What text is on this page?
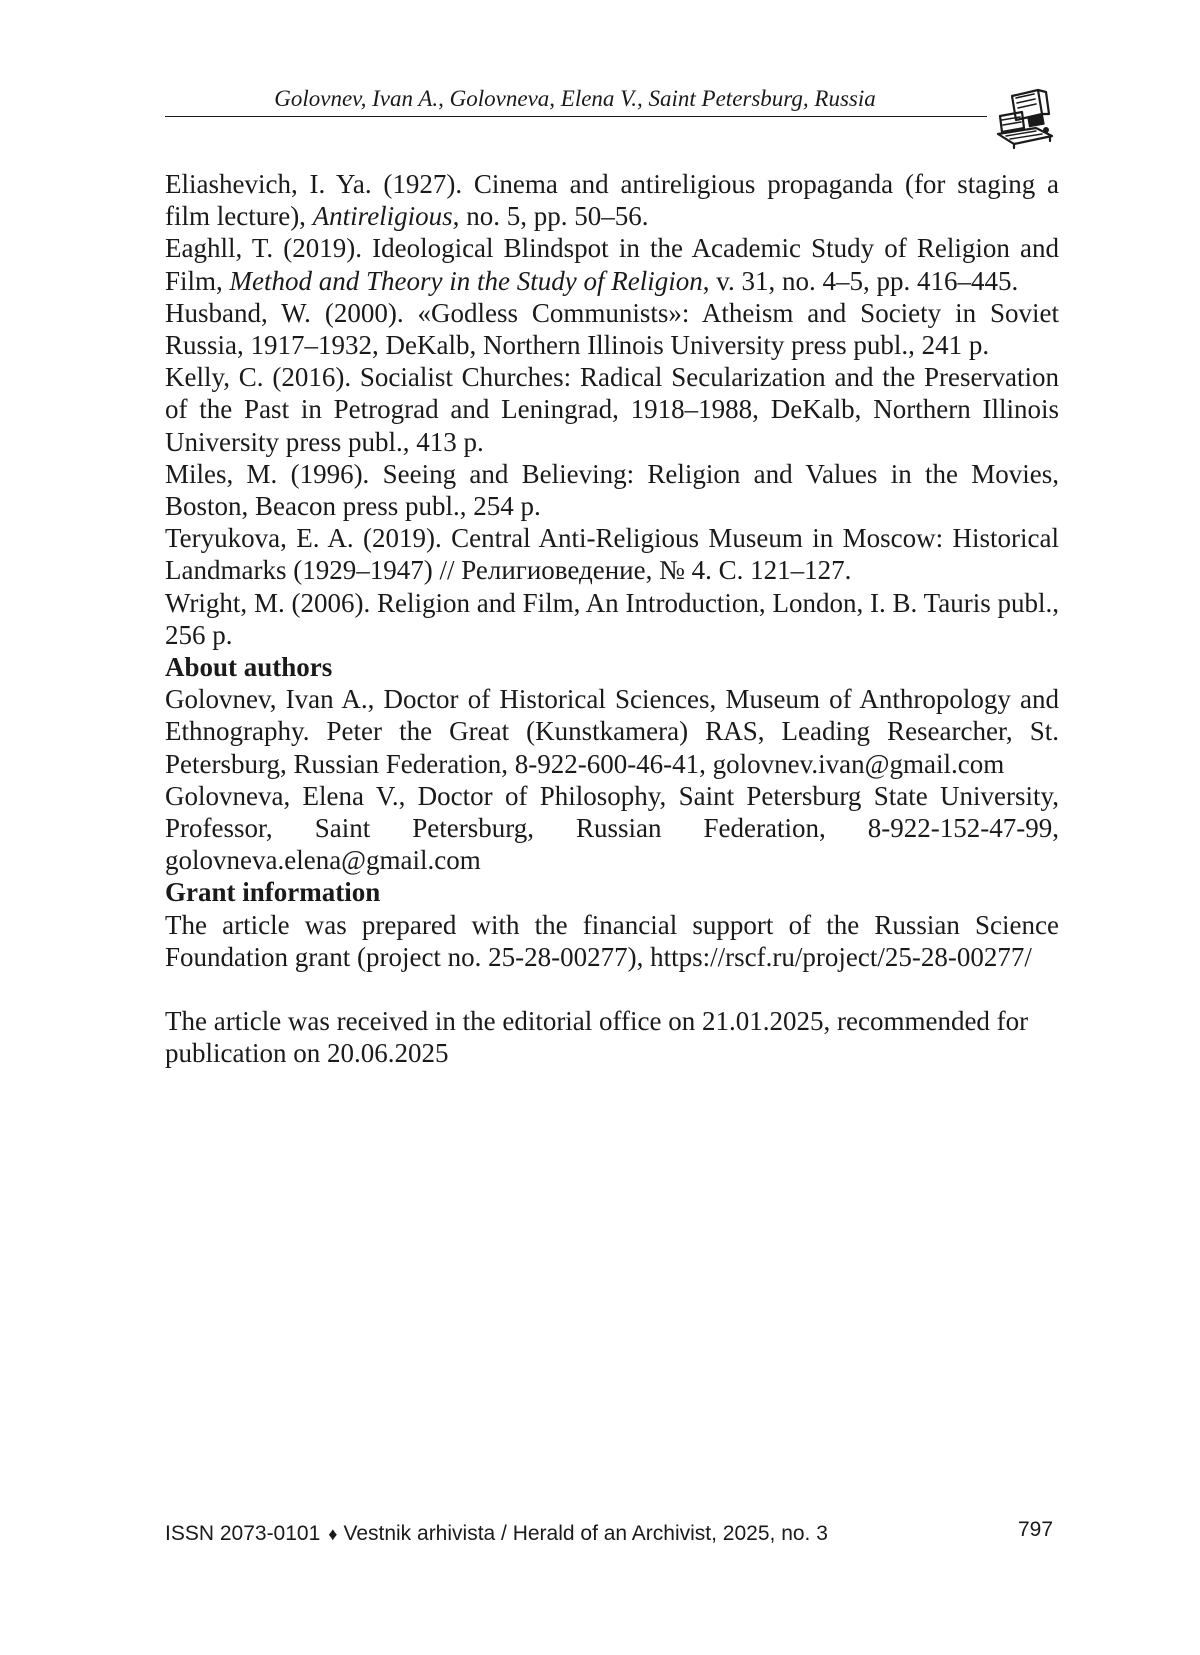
Golovnev, Ivan A., Golovneva, Elena V., Saint Petersburg, Russia

Eliashevich, I. Ya. (1927). Cinema and antireligious propaganda (for staging a film lecture), Antireligious, no. 5, pp. 50–56.

Eaghll, T. (2019). Ideological Blindspot in the Academic Study of Religion and Film, Method and Theory in the Study of Religion, v. 31, no. 4–5, pp. 416–445.

Husband, W. (2000). «Godless Communists»: Atheism and Society in Soviet Russia, 1917–1932, DeKalb, Northern Illinois University press publ., 241 p.

Kelly, C. (2016). Socialist Churches: Radical Secularization and the Preservation of the Past in Petrograd and Leningrad, 1918–1988, DeKalb, Northern Illinois University press publ., 413 p.

Miles, M. (1996). Seeing and Believing: Religion and Values in the Movies, Boston, Beacon press publ., 254 p.

Teryukova, E. A. (2019). Central Anti-Religious Museum in Moscow: Historical Landmarks (1929–1947) // Религиоведение, № 4. С. 121–127.

Wright, M. (2006). Religion and Film, An Introduction, London, I. B. Tauris publ., 256 p.

About authors

Golovnev, Ivan A., Doctor of Historical Sciences, Museum of Anthropology and Ethnography. Peter the Great (Kunstkamera) RAS, Leading Researcher, St. Petersburg, Russian Federation, 8-922-600-46-41, golovnev.ivan@gmail.com

Golovneva, Elena V., Doctor of Philosophy, Saint Petersburg State University, Professor, Saint Petersburg, Russian Federation, 8-922-152-47-99, golovneva.elena@gmail.com

Grant information

The article was prepared with the financial support of the Russian Science Foundation grant (project no. 25-28-00277), https://rscf.ru/project/25-28-00277/

The article was received in the editorial office on 21.01.2025, recommended for publication on 20.06.2025

ISSN 2073-0101 ♦ Vestnik arhivista / Herald of an Archivist, 2025, no. 3	797
